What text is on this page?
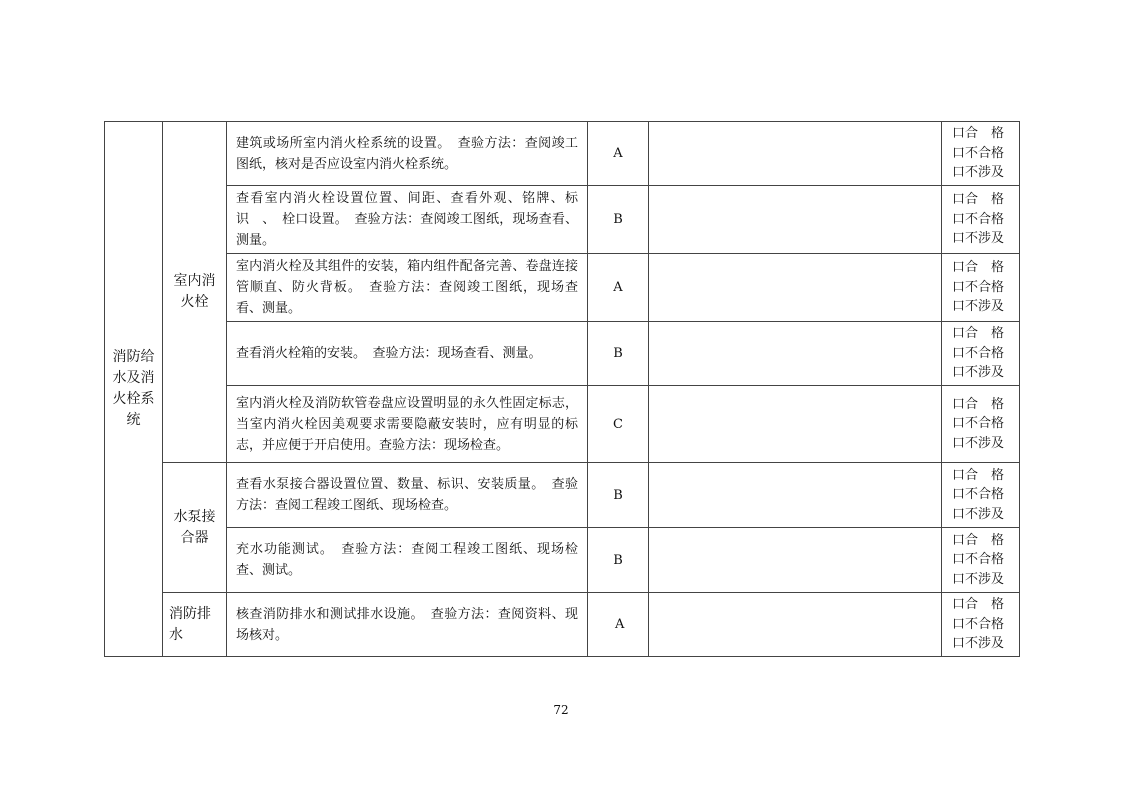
消防给
水及消
火栓系
统	室内消
火栓	建筑或场所室内消火栓系统的设置。　查验方法：查阅竣工图纸，核对是否应设室内消火栓系统。	A		口合　格
口不合格
口不涉及

		查看室内消火栓设置位置、间距、查看外观、铭牌、标识　、　栓口设置。　查验方法：查阅竣工图纸，现场查看、测量。	B		口合　格
口不合格
口不涉及

		室内消火栓及其组件的安装，箱内组件配备完善、卷盘连接管顺直、防火背板。　查验方法：查阅竣工图纸，现场查看、测量。	A		口合　格
口不合格
口不涉及

		查看消火栓箱的安装。　查验方法：现场查看、测量。	B		口合　格
口不合格
口不涉及

		室内消火栓及消防软管卷盘应设置明显的永久性固定标志，当室内消火栓因美观要求需要隐蔽安装时，应有明显的标志，并应便于开启使用。查验方法：现场检查。	C		口合　格
口不合格
口不涉及

	水泵接
合器	查看水泵接合器设置位置、数量、标识、安装质量。　查验方法：查阅工程竣工图纸、现场检查。	B		口合　格
口不合格
口不涉及

		充水功能测试。　查验方法：查阅工程竣工图纸、现场检查、测试。	B		口合　格
口不合格
口不涉及

	消防排
水	核查消防排水和测试排水设施。　查验方法：查阅资料、现场核对。	A		口合　格
口不合格
口不涉及
72
